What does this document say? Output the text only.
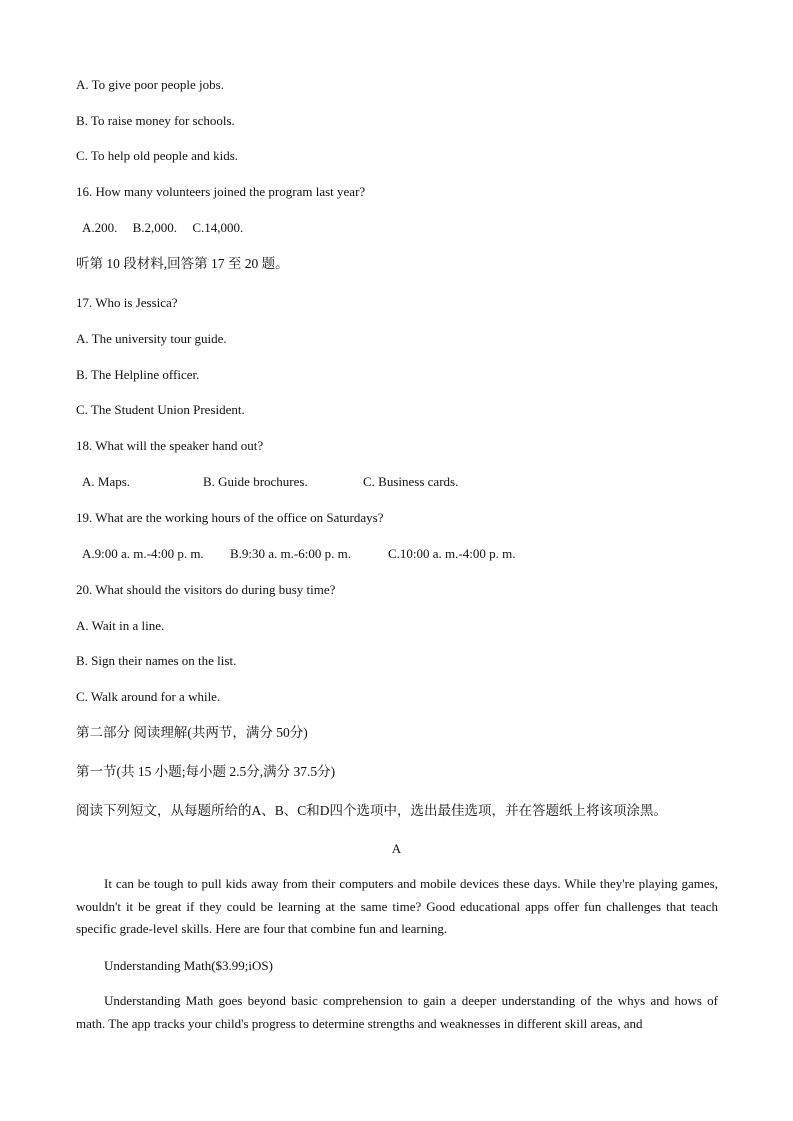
A. To give poor people jobs.
B. To raise money for schools.
C. To help old people and kids.
16. How many volunteers joined the program last year?
A.200. B.2,000. C.14,000.
听第 10 段材料,回答第 17 至 20 题。
17. Who is Jessica?
A. The university tour guide.
B. The Helpline officer.
C. The Student Union President.
18. What will the speaker hand out?
A. Maps.	B. Guide brochures.	C. Business cards.
19. What are the working hours of the office on Saturdays?
A.9:00 a. m.-4:00 p. m. B.9:30 a. m.-6:00 p. m.	C.10:00 a. m.-4:00 p. m.
20. What should the visitors do during busy time?
A. Wait in a line.
B. Sign their names on the list.
C. Walk around for a while.
第二部分 阅读理解(共两节，满分 50分)
第一节(共 15 小题;每小题 2.5分,满分 37.5分)
阅读下列短文，从每题所给的A、B、C和D四个选项中，选出最佳选项，并在答题纸上将该项涂黑。
A

It can be tough to pull kids away from their computers and mobile devices these days. While they're playing games, wouldn't it be great if they could be learning at the same time? Good educational apps offer fun challenges that teach specific grade-level skills. Here are four that combine fun and learning.

Understanding Math($3.99;iOS)

Understanding Math goes beyond basic comprehension to gain a deeper understanding of the whys and hows of math. The app tracks your child's progress to determine strengths and weaknesses in different skill areas, and
